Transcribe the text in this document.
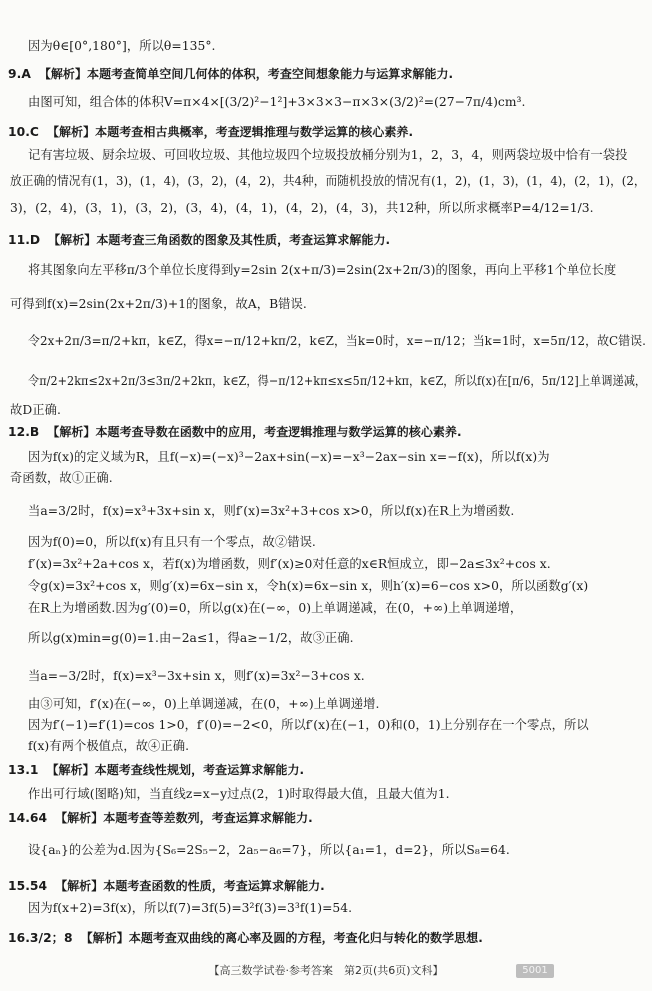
因为θ∈[0°,180°]，所以θ=135°.
9.A 【解析】本题考查简单空间几何体的体积，考查空间想象能力与运算求解能力.
由图可知，组合体的体积V=π×4×[(3/2)²−1²]+3×3×3−π×3×(3/2)²=(27−7π/4)cm³.
10.C 【解析】本题考查相古典概率，考查逻辑推理与数学运算的核心素养.
记有害垃圾、厨余垃圾、可回收垃圾、其他垃圾四个垃圾投放桶分别为1，2，3，4，则两袋垃圾中恰有一袋投
放正确的情况有(1，3)，(1，4)，(3，2)，(4，2)，共4种，而随机投放的情况有(1，2)，(1，3)，(1，4)，(2，1)，(2，
3)，(2，4)，(3，1)，(3，2)，(3，4)，(4，1)，(4，2)，(4，3)，共12种，所以所求概率P=4/12=1/3.
11.D 【解析】本题考查三角函数的图象及其性质，考查运算求解能力.
将其图象向左平移π/3个单位长度得到y=2sin 2(x+π/3)=2sin(2x+2π/3)的图象，再向上平移1个单位长度
可得到f(x)=2sin(2x+2π/3)+1的图象，故A，B错误.
令2x+2π/3=π/2+kπ，k∈Z，得x=−π/12+kπ/2，k∈Z，当k=0时，x=−π/12；当k=1时，x=5π/12，故C错误.
令π/2+2kπ≤2x+2π/3≤3π/2+2kπ，k∈Z，得−π/12+kπ≤x≤5π/12+kπ，k∈Z，所以f(x)在[π/6，5π/12]上单调递减，
故D正确.
12.B 【解析】本题考查导数在函数中的应用，考查逻辑推理与数学运算的核心素养.
因为f(x)的定义域为R，且f(−x)=(−x)³−2ax+sin(−x)=−x³−2ax−sin x=−f(x)，所以f(x)为
奇函数，故①正确.
当a=3/2时，f(x)=x³+3x+sin x，则f′(x)=3x²+3+cos x>0，所以f(x)在R上为增函数.
因为f(0)=0，所以f(x)有且只有一个零点，故②错误.
f′(x)=3x²+2a+cos x，若f(x)为增函数，则f′(x)≥0对任意的x∈R恒成立，即−2a≤3x²+cos x.
令g(x)=3x²+cos x，则g′(x)=6x−sin x，令h(x)=6x−sin x，则h′(x)=6−cos x>0，所以函数g′(x)
在R上为增函数.因为g′(0)=0，所以g(x)在(−∞，0)上单调递减，在(0，+∞)上单调递增，
所以g(x)min=g(0)=1.由−2a≤1，得a≥−1/2，故③正确.
当a=−3/2时，f(x)=x³−3x+sin x，则f′(x)=3x²−3+cos x.
由③可知，f′(x)在(−∞，0)上单调递减，在(0，+∞)上单调递增.
因为f′(−1)=f′(1)=cos 1>0，f′(0)=−2<0，所以f′(x)在(−1，0)和(0，1)上分别存在一个零点，所以
f(x)有两个极值点，故④正确.
13.1 【解析】本题考查线性规划，考查运算求解能力.
作出可行域(图略)知，当直线z=x−y过点(2，1)时取得最大值，且最大值为1.
14.64 【解析】本题考查等差数列，考查运算求解能力.
设{aₙ}的公差为d.因为{S₆=2S₅−2，2a₅−a₆=7}，所以{a₁=1，d=2}，所以S₈=64.
15.54 【解析】本题考查函数的性质，考查运算求解能力.
因为f(x+2)=3f(x)，所以f(7)=3f(5)=3²f(3)=3³f(1)=54.
16.3/2；8 【解析】本题考查双曲线的离心率及圆的方程，考查化归与转化的数学思想.
【高三数学试卷·参考答案　第2页(共6页)文科】	5001
